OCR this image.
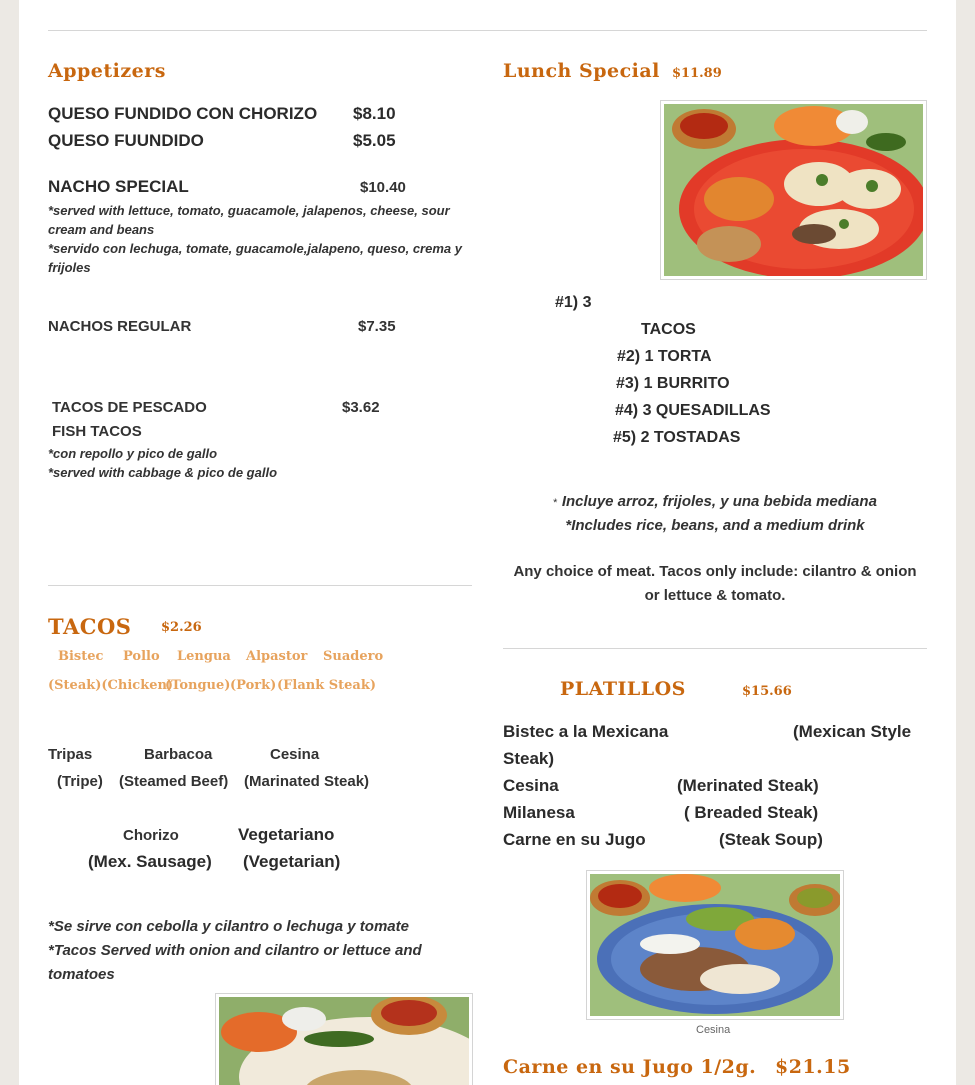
Appetizers
QUESO FUNDIDO CON CHORIZO $8.10
QUESO FUUNDIDO	$5.05
NACHO SPECIAL	$10.40
*served with lettuce, tomato, guacamole, jalapenos, cheese, sour cream and beans
*servido con lechuga, tomate, guacamole,jalapeno, queso, crema y frijoles
NACHOS REGULAR	$7.35
TACOS DE PESCADO	$3.62
FISH TACOS
*con repollo y pico de gallo
*served with cabbage & pico de gallo
TACOS $2.26
Bistec Pollo Lengua Alpastor Suadero
(Steak)(Chicken)
(Tongue) (Pork) (Flank Steak)
Tripas	Barbacoa	Cesina
(Tripe) (Steamed Beef) (Marinated Steak)
Chorizo	Vegetariano
(Mex. Sausage) (Vegetarian)
*Se sirve con cebolla y cilantro o lechuga y tomate
*Tacos Served with onion and cilantro or lettuce and tomatoes
Lunch Special $11.89
#1) 3
TACOS
#2) 1 TORTA
#3) 1 BURRITO
#4) 3 QUESADILLAS
#5) 2 TOSTADAS
* Incluye arroz, frijoles, y una bebida mediana
*Includes rice, beans, and a medium drink
Any choice of meat. Tacos only include: cilantro & onion or lettuce & tomato.
PLATILLOS	$15.66
Bistec a la Mexicana	(Mexican Style
Steak)
Cesina	(Merinated Steak)
Milanesa	( Breaded Steak)
Carne en su Jugo	(Steak Soup)
Cesina
Carne en su Jugo 1/2g. $21.15
